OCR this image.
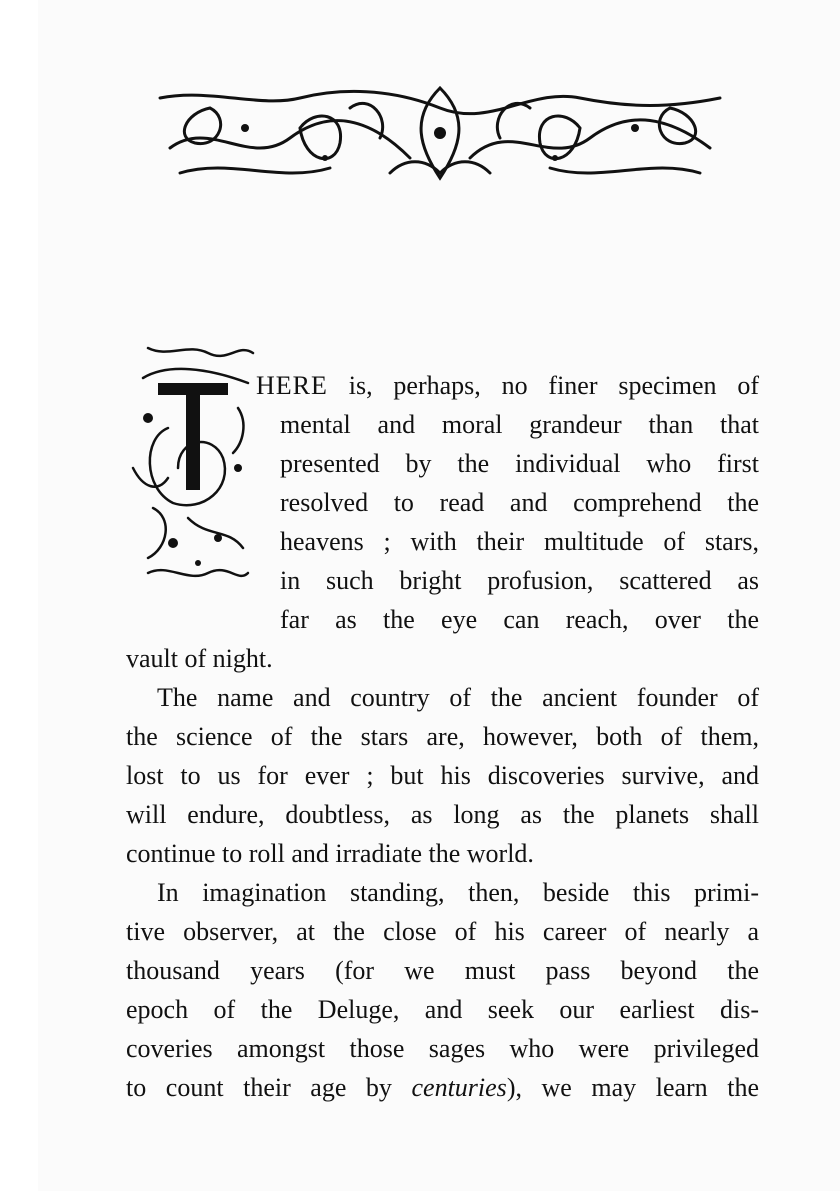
HERE is, perhaps, no finer specimen of
mental and moral grandeur than that
presented by the individual who first
resolved to read and comprehend the
heavens ; with their multitude of stars,
in such bright profusion, scattered as
far as the eye can reach, over the
vault of night.
The name and country of the ancient founder of
the science of the stars are, however, both of them,
lost to us for ever ; but his discoveries survive, and
will endure, doubtless, as long as the planets shall
continue to roll and irradiate the world.
In imagination standing, then, beside this primi-
tive observer, at the close of his career of nearly a
thousand years (for we must pass beyond the
epoch of the Deluge, and seek our earliest dis-
coveries amongst those sages who were privileged
to count their age by centuries), we may learn the
